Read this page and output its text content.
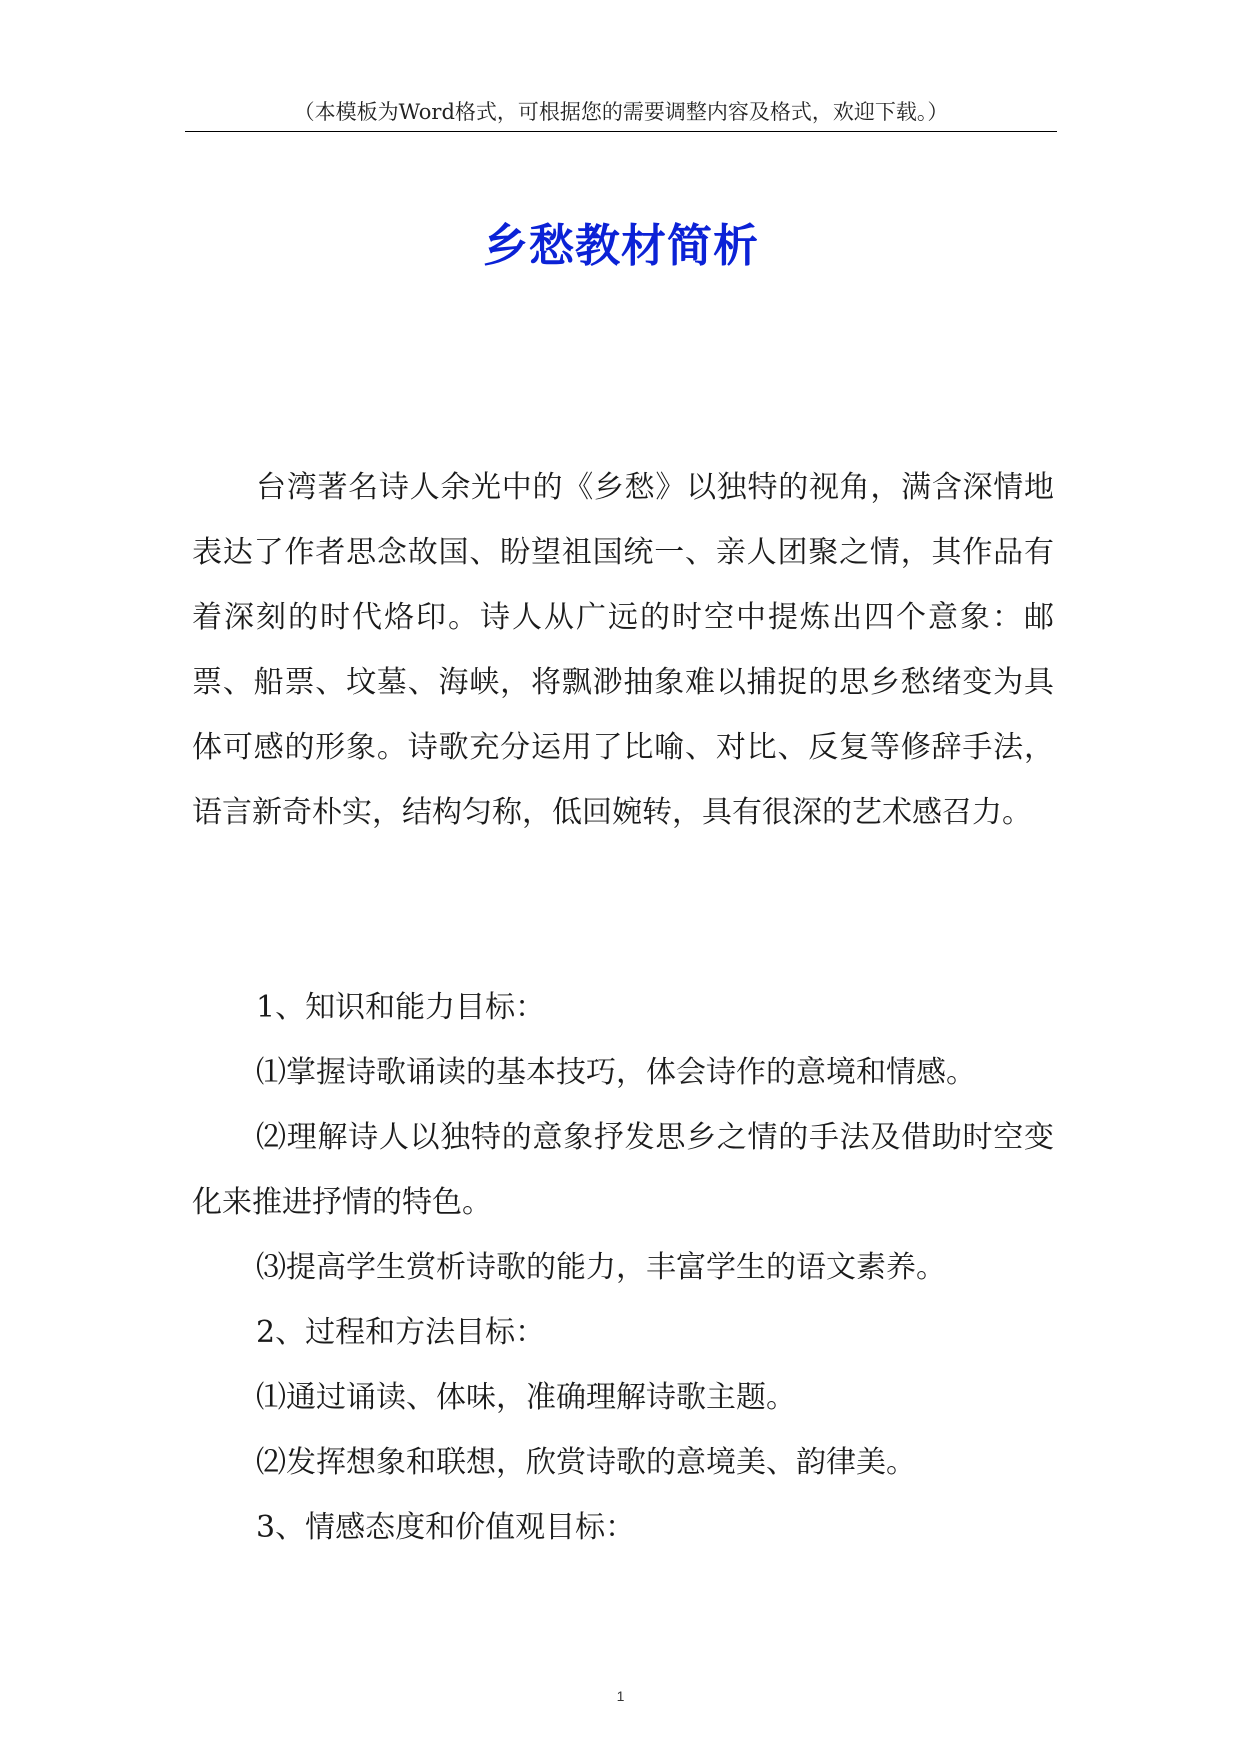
（本模板为Word格式，可根据您的需要调整内容及格式，欢迎下载。）
乡愁教材简析

台湾著名诗人余光中的《乡愁》以独特的视角，满含深情地表达了作者思念故国、盼望祖国统一、亲人团聚之情，其作品有着深刻的时代烙印。诗人从广远的时空中提炼出四个意象：邮票、船票、坟墓、海峡，将飘渺抽象难以捕捉的思乡愁绪变为具体可感的形象。诗歌充分运用了比喻、对比、反复等修辞手法，语言新奇朴实，结构匀称，低回婉转，具有很深的艺术感召力。

1、知识和能力目标：

⑴掌握诗歌诵读的基本技巧，体会诗作的意境和情感。

⑵理解诗人以独特的意象抒发思乡之情的手法及借助时空变化来推进抒情的特色。

⑶提高学生赏析诗歌的能力，丰富学生的语文素养。

2、过程和方法目标：

⑴通过诵读、体味，准确理解诗歌主题。

⑵发挥想象和联想，欣赏诗歌的意境美、韵律美。

3、情感态度和价值观目标：

1
